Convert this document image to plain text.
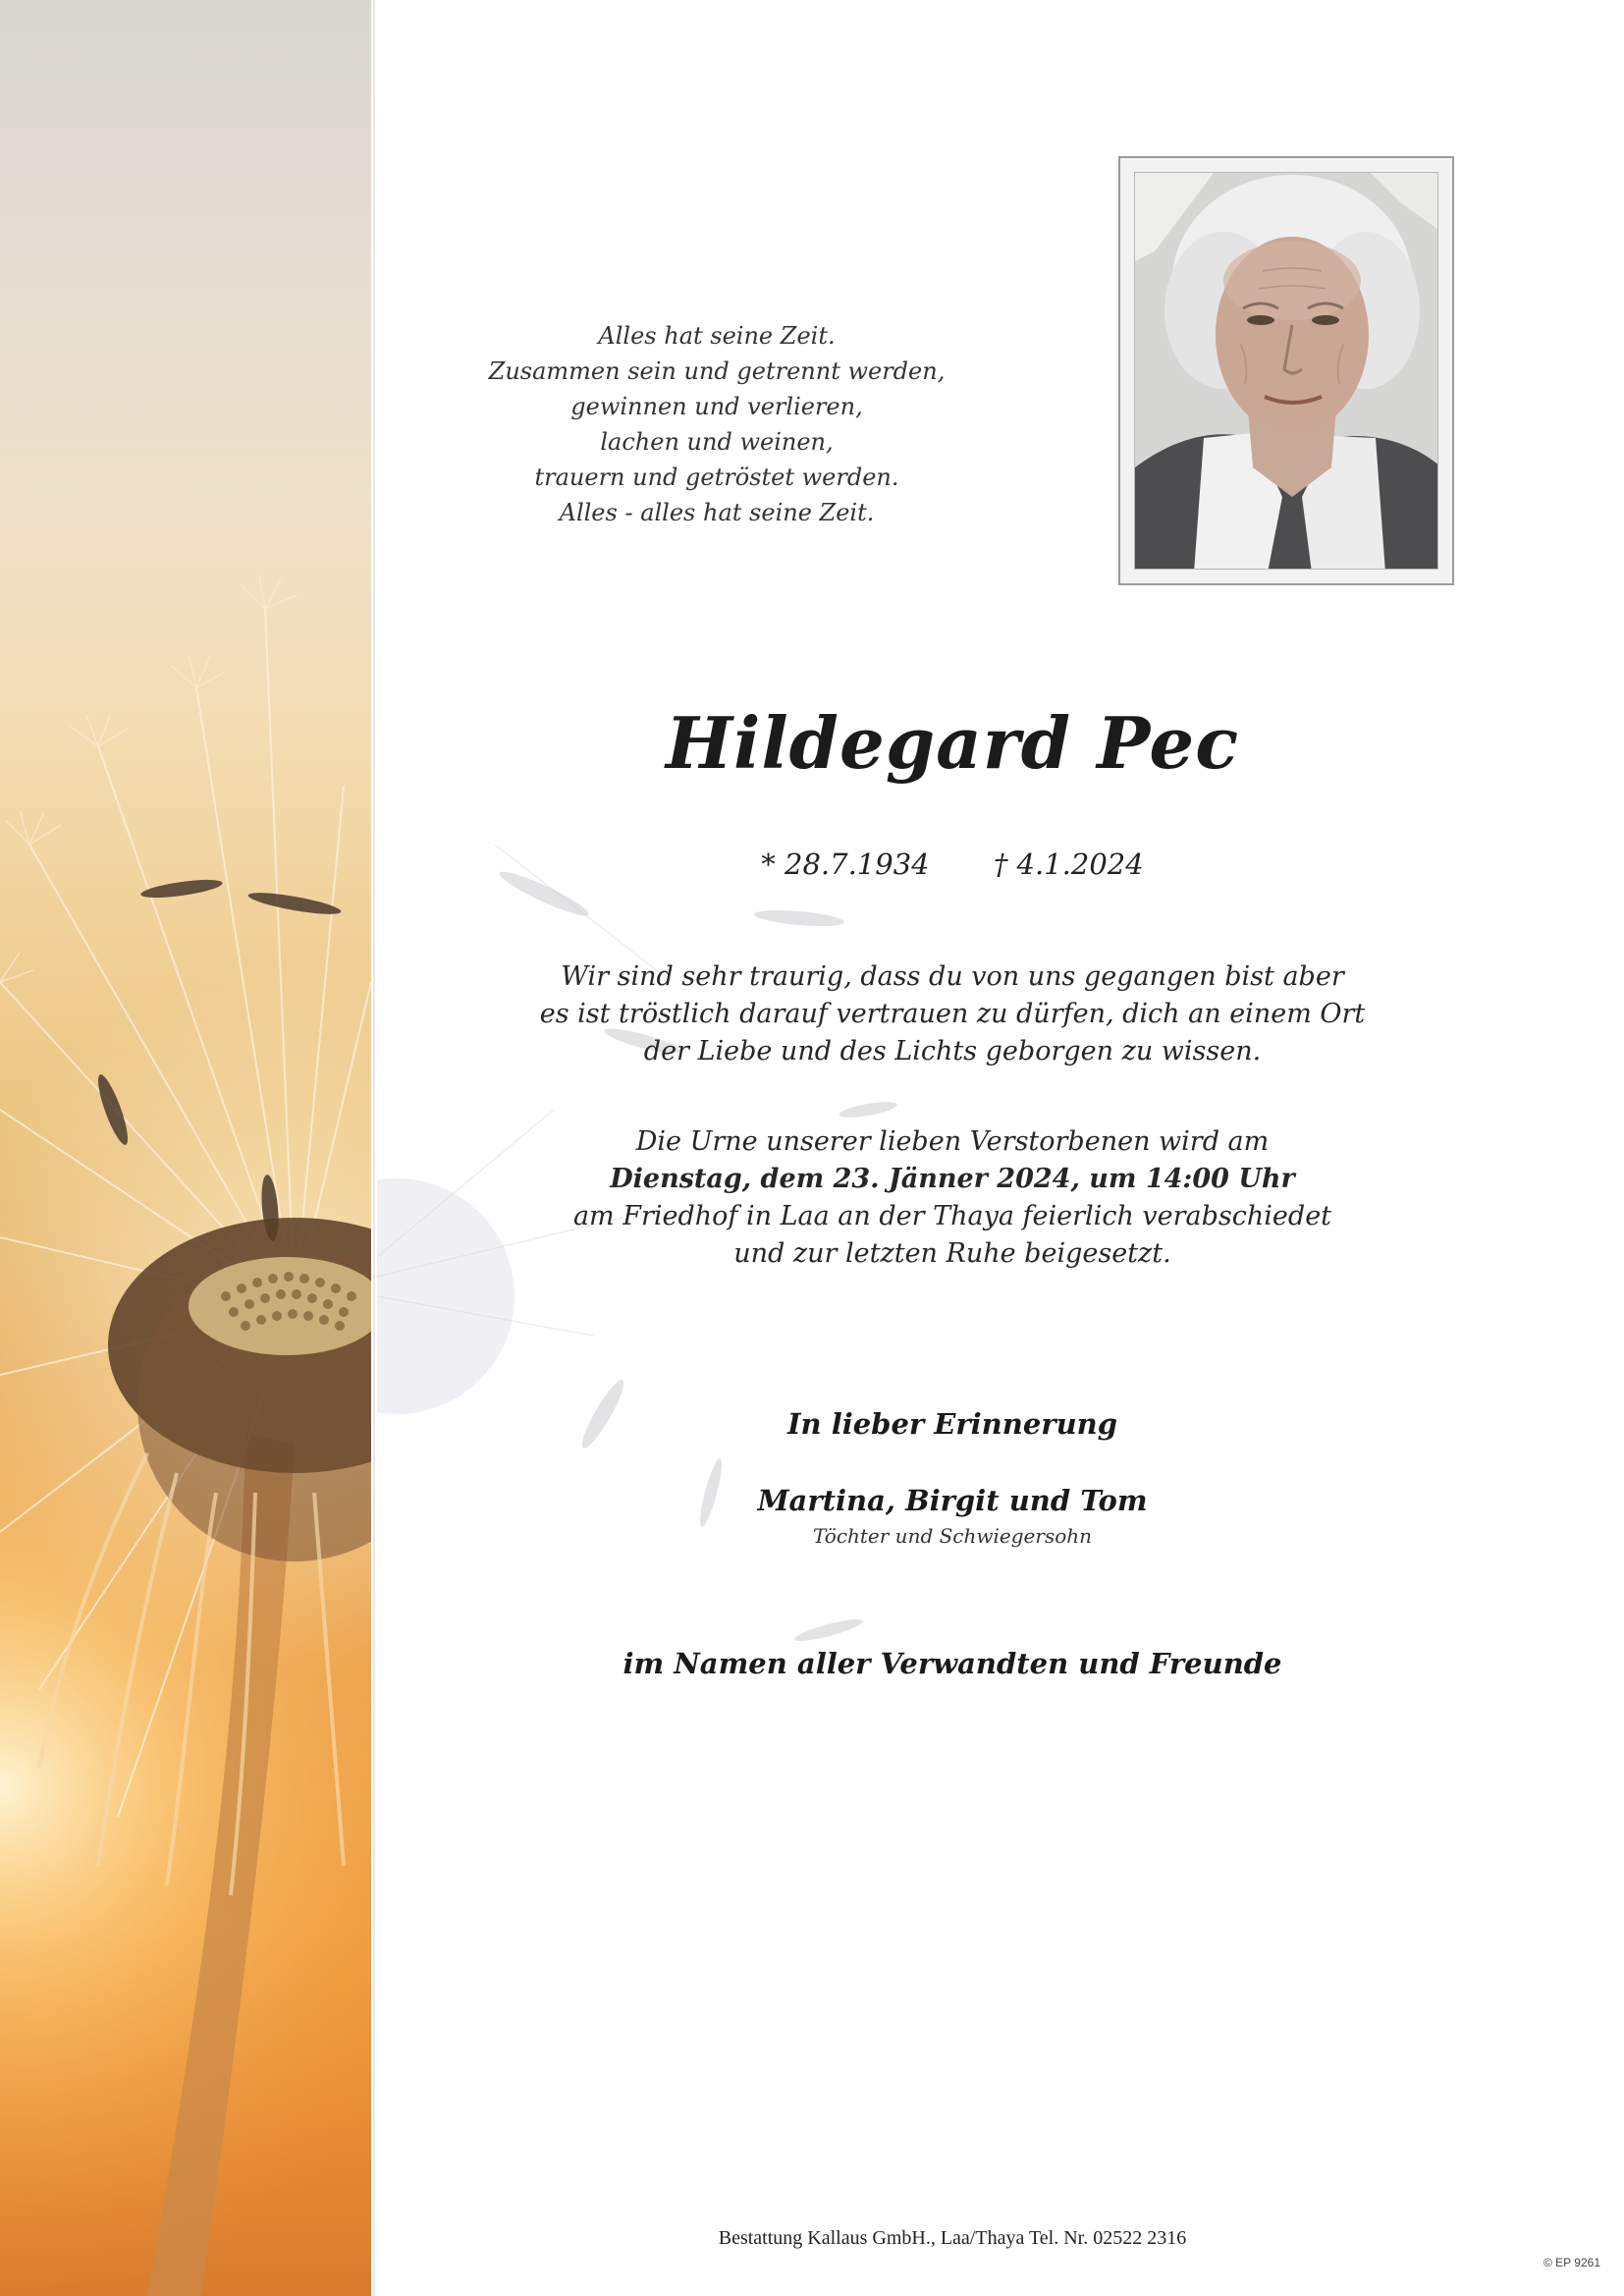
Alles hat seine Zeit.
Zusammen sein und getrennt werden,
gewinnen und verlieren,
lachen und weinen,
trauern und getröstet werden.
Alles - alles hat seine Zeit.
Hildegard Pec
* 28.7.1934 † 4.1.2024
Wir sind sehr traurig, dass du von uns gegangen bist aber
es ist tröstlich darauf vertrauen zu dürfen, dich an einem Ort
der Liebe und des Lichts geborgen zu wissen.
Die Urne unserer lieben Verstorbenen wird am
Dienstag, dem 23. Jänner 2024, um 14:00 Uhr
am Friedhof in Laa an der Thaya feierlich verabschiedet
und zur letzten Ruhe beigesetzt.
In lieber Erinnerung
Martina, Birgit und Tom
Töchter und Schwiegersohn
im Namen aller Verwandten und Freunde
Bestattung Kallaus GmbH., Laa/Thaya Tel. Nr. 02522 2316
© EP 9261
